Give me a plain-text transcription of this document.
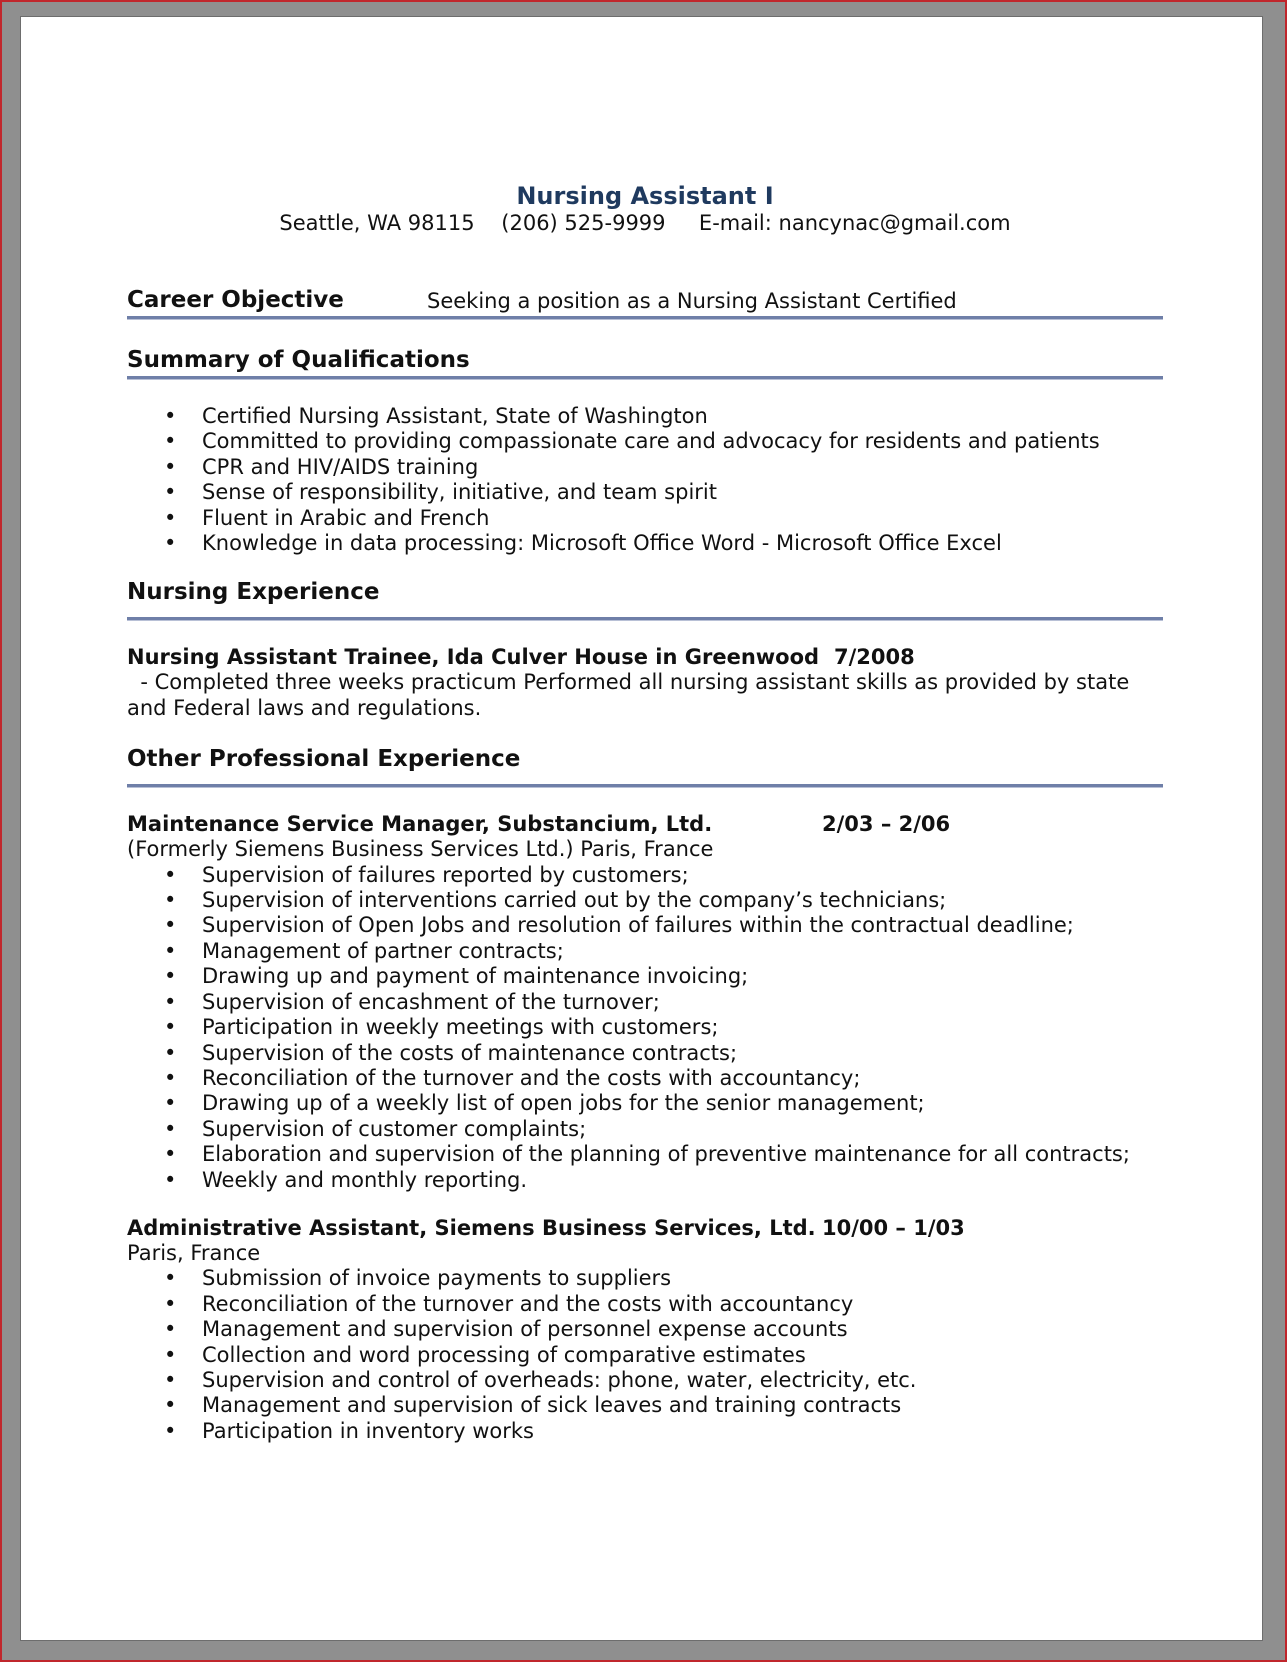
Nursing Assistant I
Seattle, WA 98115 (206) 525-9999 E-mail: nancynac@gmail.com
Career Objective	Seeking a position as a Nursing Assistant Certified
Summary of Qualifications
• Certified Nursing Assistant, State of Washington
• Committed to providing compassionate care and advocacy for residents and patients
• CPR and HIV/AIDS training
• Sense of responsibility, initiative, and team spirit
• Fluent in Arabic and French
• Knowledge in data processing: Microsoft Office Word - Microsoft Office Excel
Nursing Experience
Nursing Assistant Trainee, Ida Culver House in Greenwood 7/2008
- Completed three weeks practicum Performed all nursing assistant skills as provided by state
and Federal laws and regulations.
Other Professional Experience
Maintenance Service Manager, Substancium, Ltd.	2/03 – 2/06
(Formerly Siemens Business Services Ltd.) Paris, France
• Supervision of failures reported by customers;
• Supervision of interventions carried out by the company’s technicians;
• Supervision of Open Jobs and resolution of failures within the contractual deadline;
• Management of partner contracts;
• Drawing up and payment of maintenance invoicing;
• Supervision of encashment of the turnover;
• Participation in weekly meetings with customers;
• Supervision of the costs of maintenance contracts;
• Reconciliation of the turnover and the costs with accountancy;
• Drawing up of a weekly list of open jobs for the senior management;
• Supervision of customer complaints;
• Elaboration and supervision of the planning of preventive maintenance for all contracts;
• Weekly and monthly reporting.
Administrative Assistant, Siemens Business Services, Ltd. 10/00 – 1/03
Paris, France
• Submission of invoice payments to suppliers
• Reconciliation of the turnover and the costs with accountancy
• Management and supervision of personnel expense accounts
• Collection and word processing of comparative estimates
• Supervision and control of overheads: phone, water, electricity, etc.
• Management and supervision of sick leaves and training contracts
• Participation in inventory works
